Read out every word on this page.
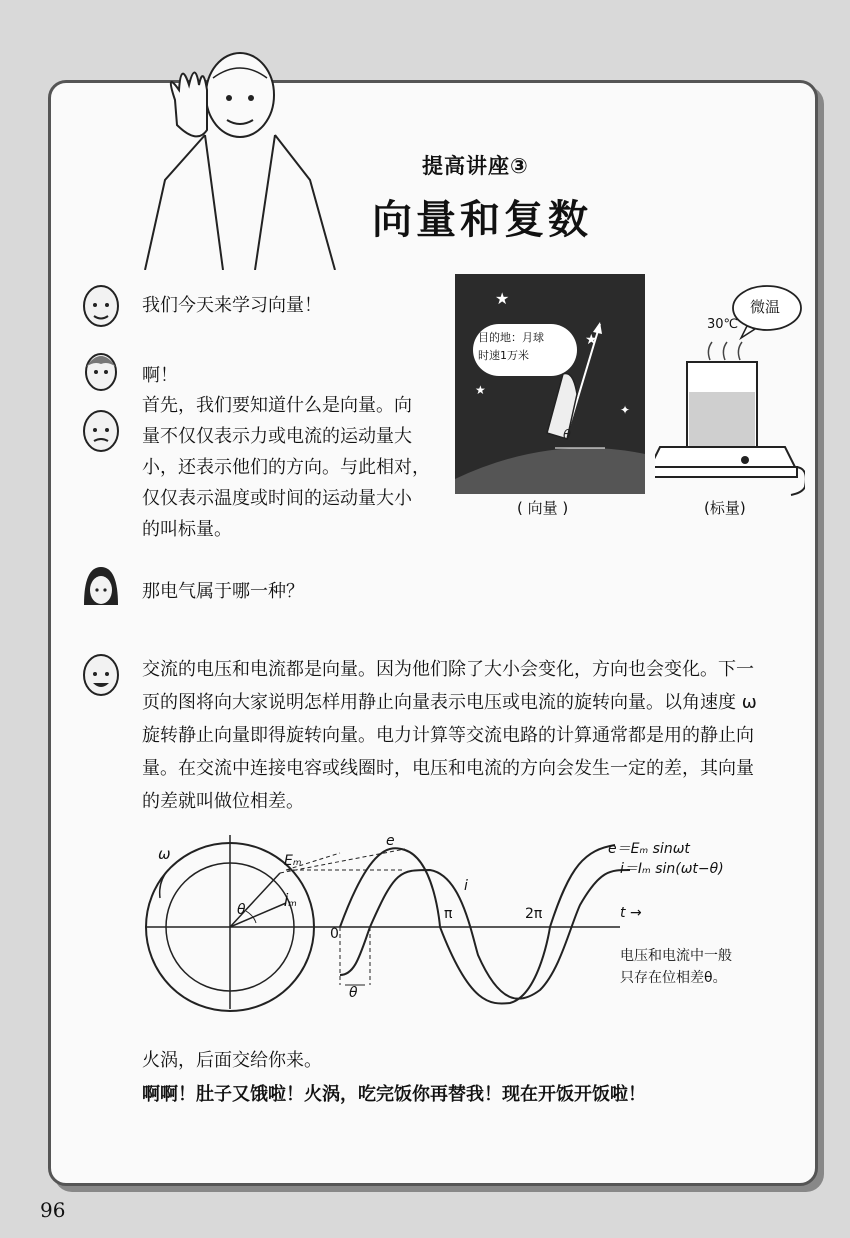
提高讲座③
向量和复数
我们今天来学习向量！
啊！
首先，我们要知道什么是向量。向
量不仅仅表示力或电流的运动量大
小，还表示他们的方向。与此相对，
仅仅表示温度或时间的运动量大小
的叫标量。
那电气属于哪一种？
★
★
★
✦
目的地：月球
时速1万米
θ
( 向量 )
微温
30℃
(标量)
交流的电压和电流都是向量。因为他们除了大小会变化，方向也会变化。下一
页的图将向大家说明怎样用静止向量表示电压或电流的旋转向量。以角速度 ω
旋转静止向量即得旋转向量。电力计算等交流电路的计算通常都是用的静止向
量。在交流中连接电容或线圈时，电压和电流的方向会发生一定的差，其向量
的差就叫做位相差。
ω	Eₘ
İₘ
θ
0
π	2π	t →
e
i
e＝Eₘ sinωt
i＝Iₘ sin(ωt−θ)
电压和电流中一般
只存在位相差θ。
θ
火涡，后面交给你来。
啊啊！肚子又饿啦！火涡，吃完饭你再替我！现在开饭开饭啦！
96
